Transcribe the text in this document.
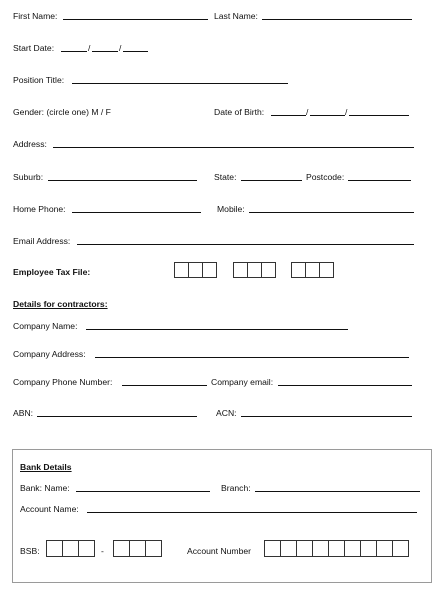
First Name:	Last Name:
Start Date:	/	/
Position Title:
Gender: (circle one) M / F	Date of Birth:	/	/
Address:
Suburb:	State:	Postcode:
Home Phone:	Mobile:
Email Address:
Employee Tax File:
Details for contractors:
Company Name:
Company Address:
Company Phone Number:	Company email:
ABN:	ACN:
Bank Details
Bank: Name:	Branch:
Account Name:
BSB:	-	Account Number
